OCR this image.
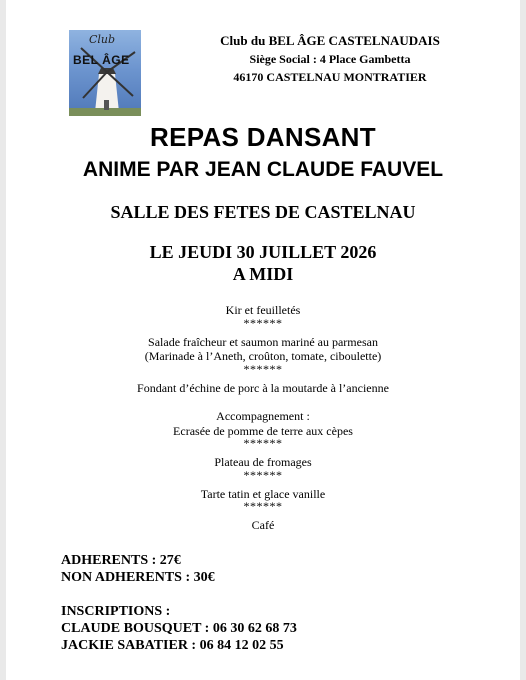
Club
BEL ÂGE
Club du BEL ÂGE CASTELNAUDAIS
Siège Social : 4 Place Gambetta
46170 CASTELNAU MONTRATIER
REPAS DANSANT
ANIME PAR JEAN CLAUDE FAUVEL
SALLE DES FETES DE CASTELNAU
LE JEUDI 30 JUILLET 2026
A MIDI
Kir et feuilletés
******
Salade fraîcheur et saumon mariné au parmesan
(Marinade à l’Aneth, croûton, tomate, ciboulette)
******
Fondant d’échine de porc à la moutarde à l’ancienne
Accompagnement :
Ecrasée de pomme de terre aux cèpes
******
Plateau de fromages
******
Tarte tatin et glace vanille
******
Café
ADHERENTS : 27€
NON ADHERENTS : 30€
INSCRIPTIONS :
CLAUDE BOUSQUET : 06 30 62 68 73
JACKIE SABATIER : 06 84 12 02 55
